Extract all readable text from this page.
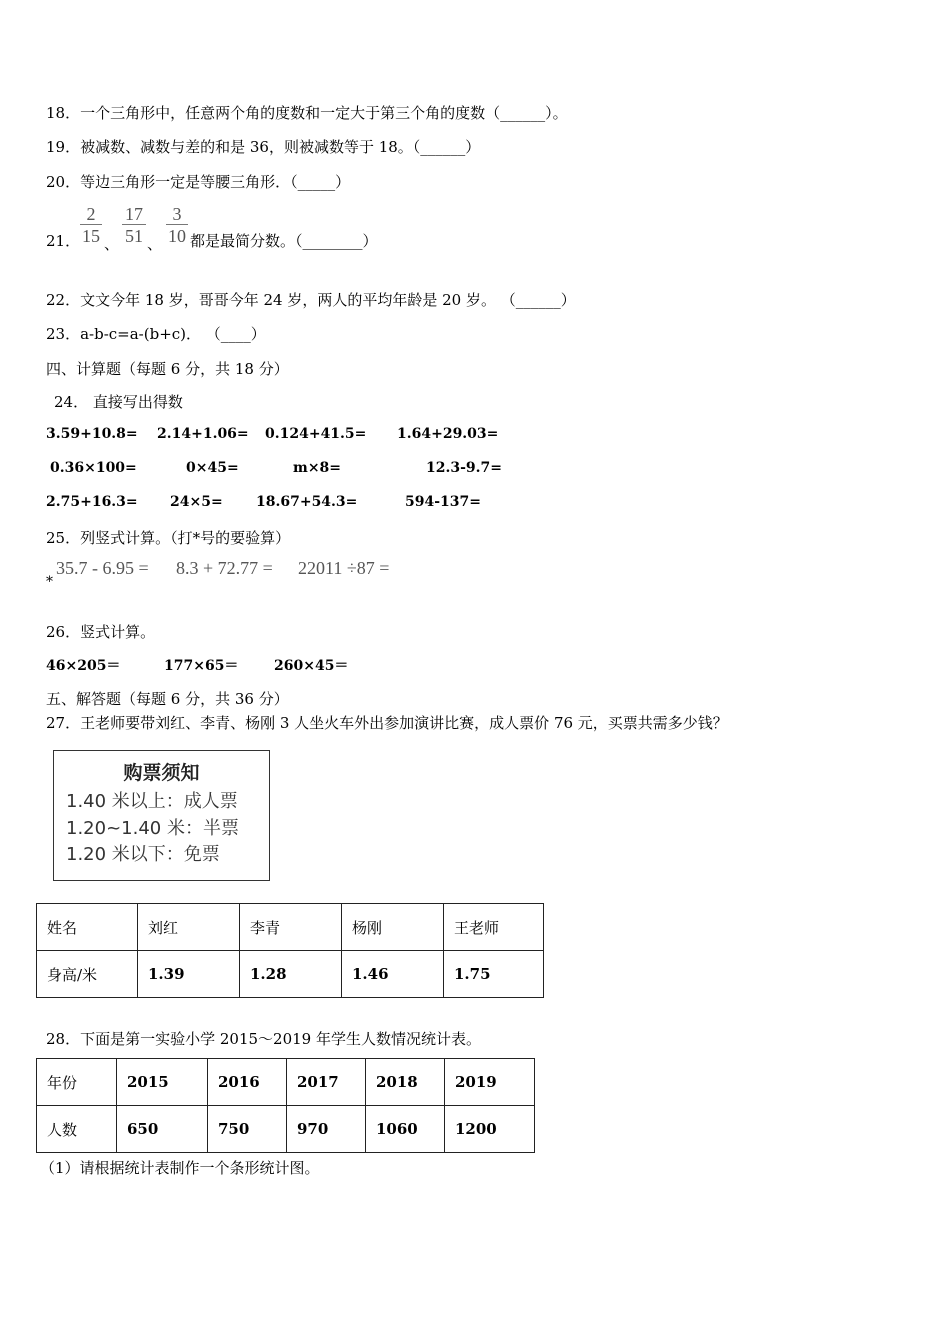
18．一个三角形中，任意两个角的度数和一定大于第三个角的度数（______）。
19．被减数、减数与差的和是 36，则被减数等于 18。（______）
20．等边三角形一定是等腰三角形．（_____）
21． $\frac{2}{15}$ 、 $\frac{17}{51}$ 、 $\frac{3}{10}$ 都是最简分数。（________）
22．文文今年 18 岁，哥哥今年 24 岁，两人的平均年龄是 20 岁。 （______）
23．a-b-c=a-(b+c)． （____）
四、计算题（每题 6 分，共 18 分）
24． 直接写出得数
3.59+10.8= 2.14+1.06= 0.124+41.5= 1.64+29.03=
0.36×100=	0×45=	m×8=	12.3-9.7=
2.75+16.3= 24×5= 18.67+54.3=	594-137=
25．列竖式计算。（打*号的要验算）
*
35.7 - 6.95 = 8.3 + 72.77 = 22011 ÷87 =
26．竖式计算。
46×205＝	177×65＝	260×45＝
五、解答题（每题 6 分，共 36 分）
27．王老师要带刘红、李青、杨刚 3 人坐火车外出参加演讲比赛，成人票价 76 元，买票共需多少钱？
购票须知
1.40 米以上：成人票
1.20~1.40 米：半票
1.20 米以下：免票
姓名	刘红	李青	杨刚	王老师
身高/米	1.39	1.28	1.46	1.75
28．下面是第一实验小学 2015～2019 年学生人数情况统计表。
年份	2015	2016	2017	2018	2019
人数	650	750	970	1060	1200
（1）请根据统计表制作一个条形统计图。
